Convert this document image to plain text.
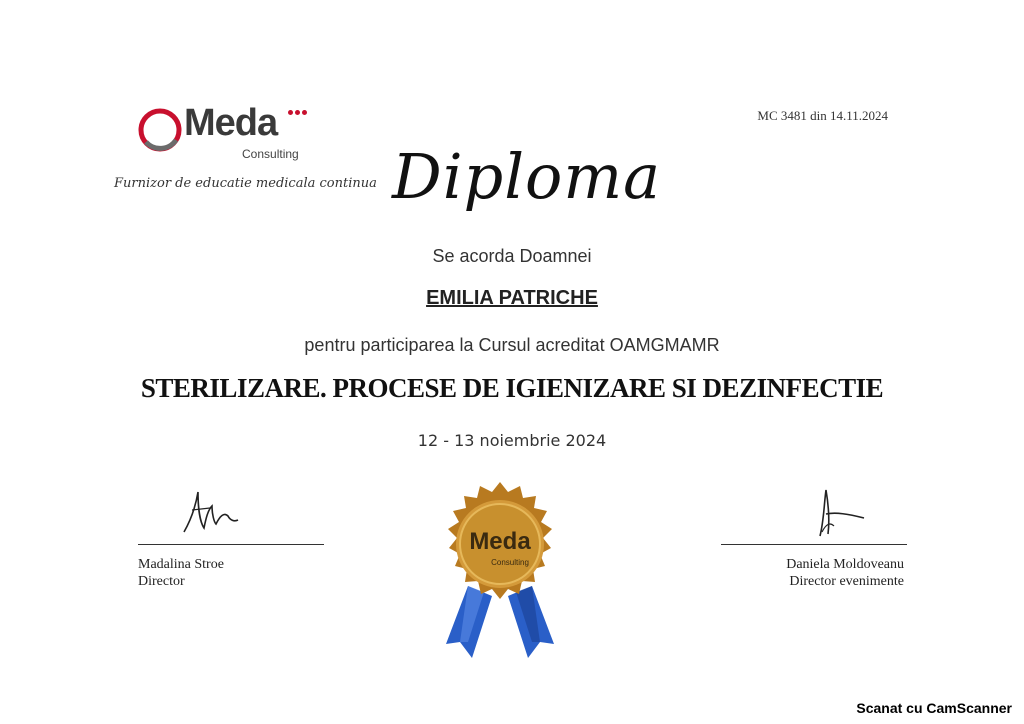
Meda
Consulting
Furnizor de educatie medicala continua
MC 3481 din 14.11.2024
Diploma
Se acorda Doamnei
EMILIA PATRICHE
pentru participarea la Cursul acreditat OAMGMAMR
STERILIZARE. PROCESE DE IGIENIZARE SI DEZINFECTIE
12 - 13 noiembrie 2024
Madalina Stroe
Director
Daniela Moldoveanu
Director evenimente
Meda
Consulting
Scanat cu CamScanner
